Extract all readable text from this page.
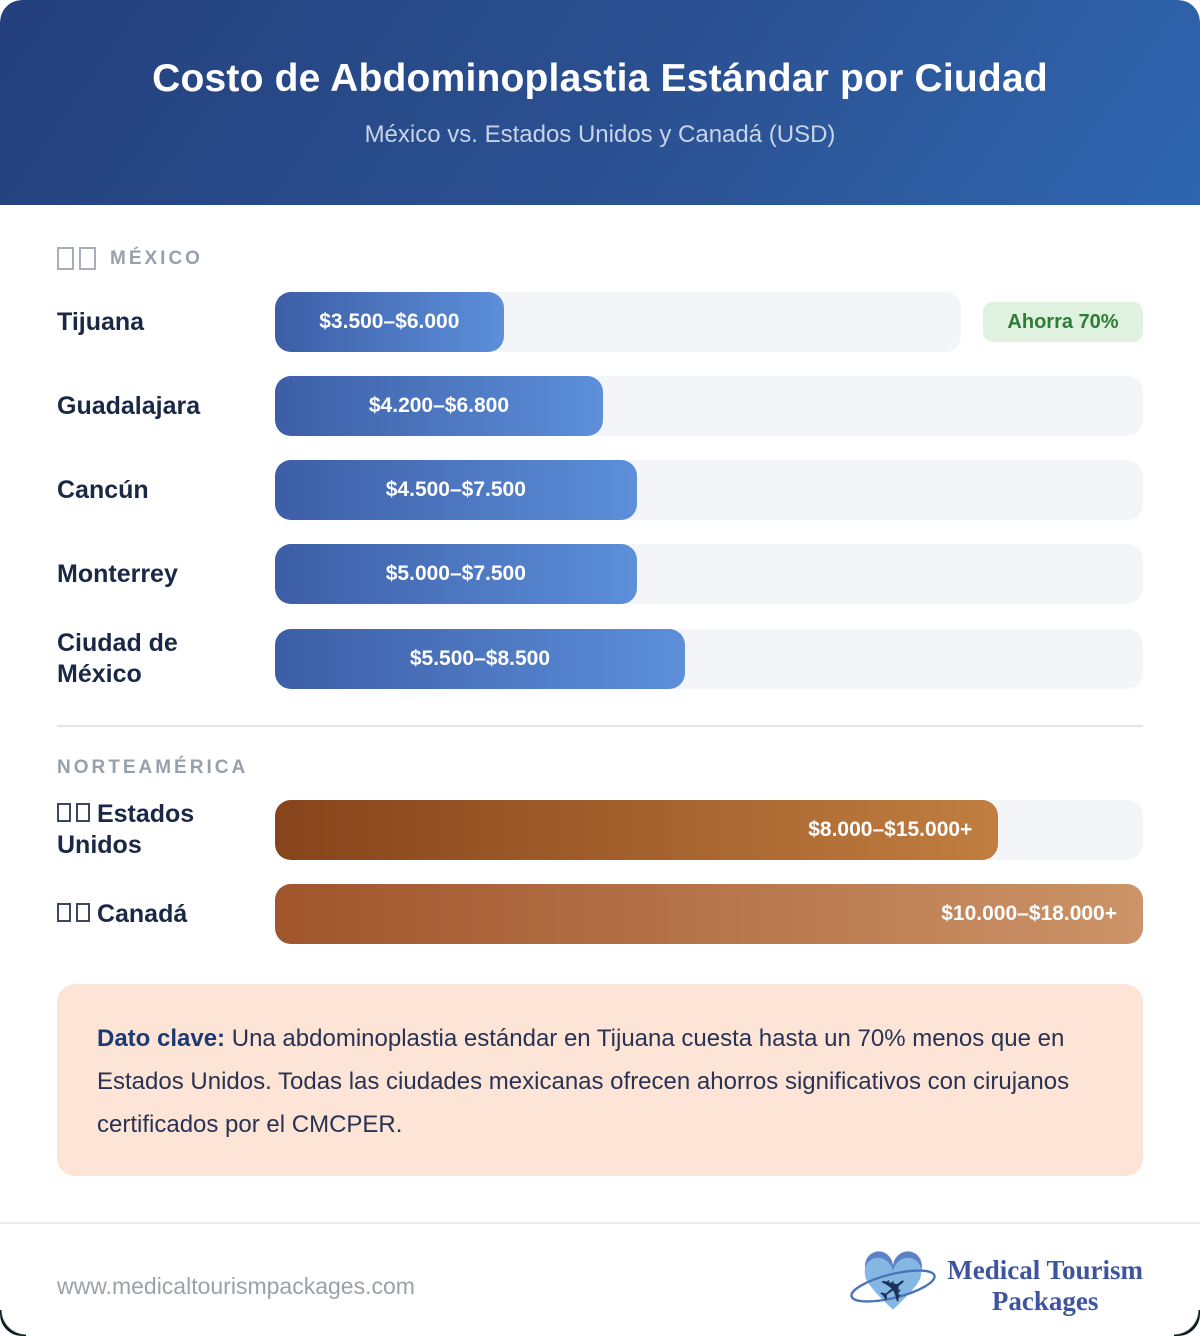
Costo de Abdominoplastia Estándar por Ciudad
México vs. Estados Unidos y Canadá (USD)
MÉXICO
Tijuana	$3.500–$6.000	Ahorra 70%
Guadalajara	$4.200–$6.800
Cancún	$4.500–$7.500
Monterrey	$5.000–$7.500
Ciudad de México
$5.500–$8.500
NORTEAMÉRICA
Estados Unidos
$8.000–$15.000+
Canadá	$10.000–$18.000+
Dato clave: Una abdominoplastia estándar en Tijuana cuesta hasta un 70% menos que en Estados Unidos. Todas las ciudades mexicanas ofrecen ahorros significativos con cirujanos certificados por el CMCPER.
www.medicaltourismpackages.com	✈ Medical Tourism
Packages
